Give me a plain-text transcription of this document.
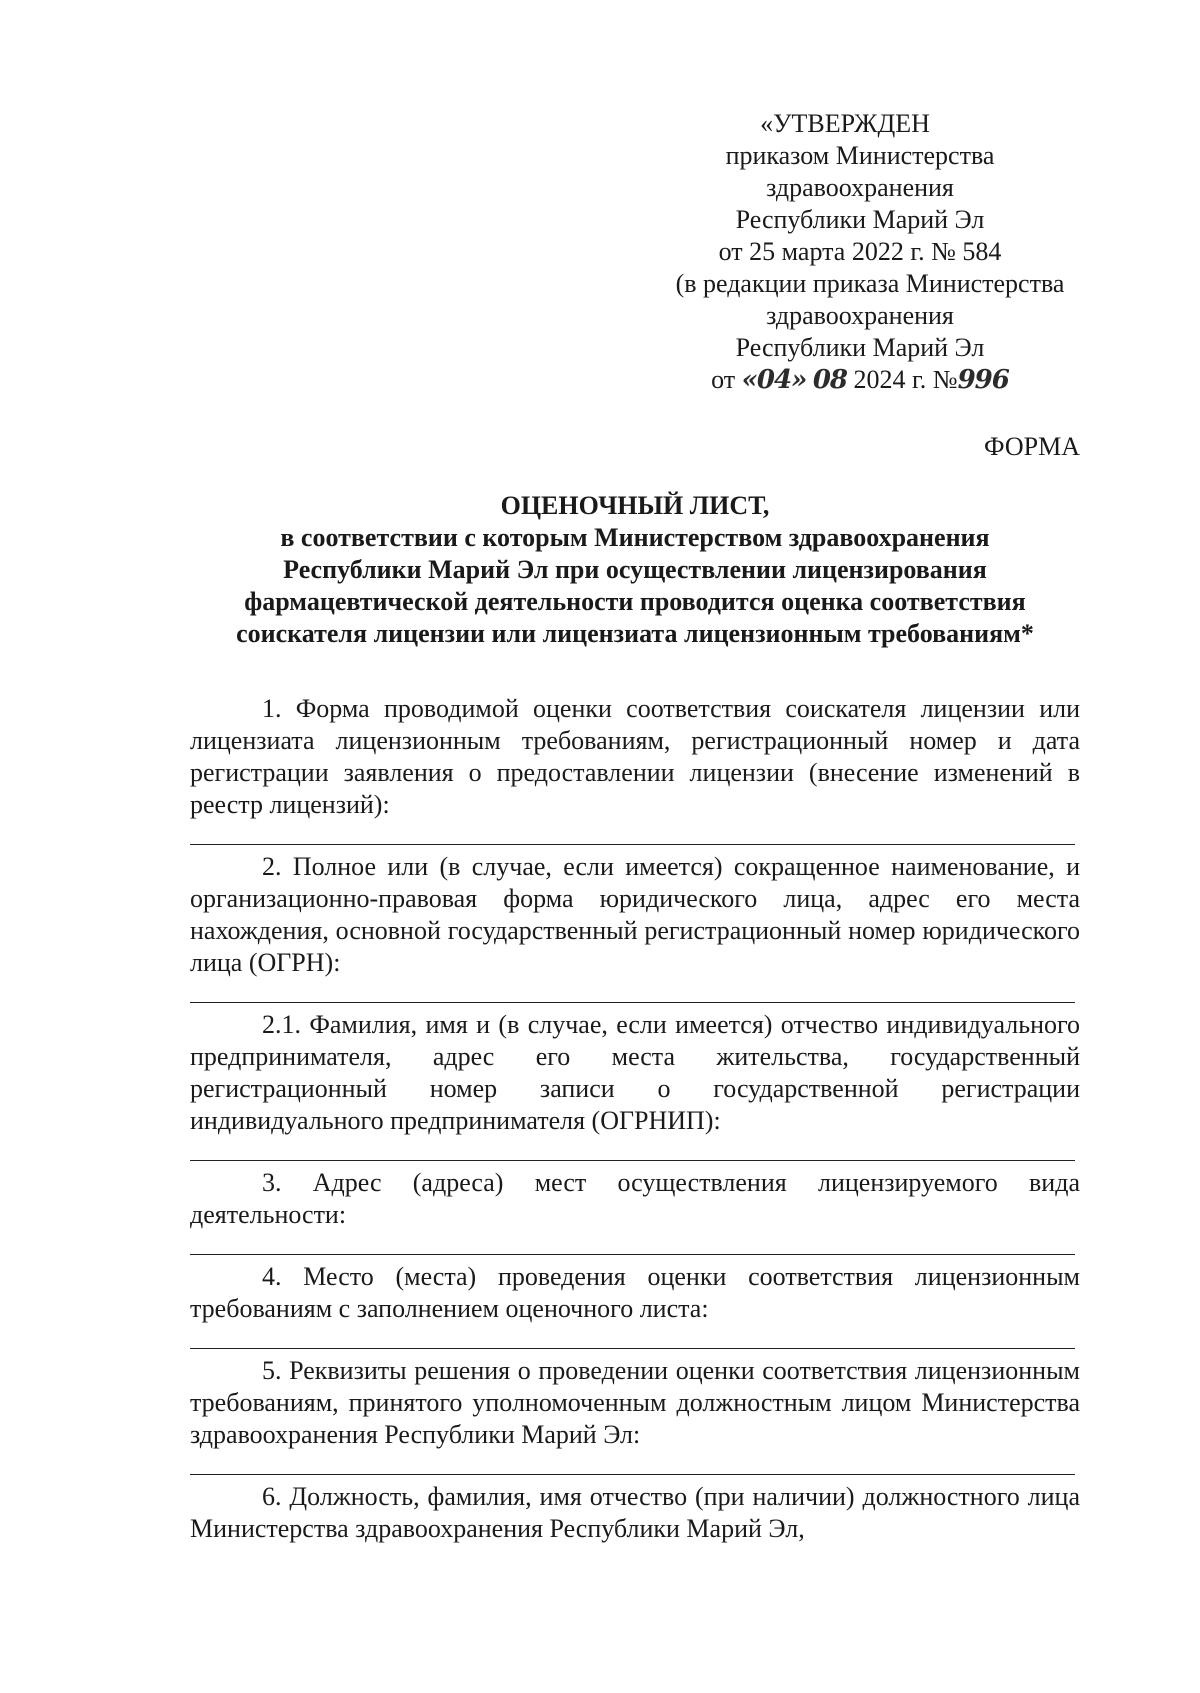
«УТВЕРЖДЕН
приказом Министерства
здравоохранения
Республики Марий Эл
от 25 марта 2022 г. № 584
(в редакции приказа Министерства
здравоохранения
Республики Марий Эл
от «04» 08 2024 г. №996
ФОРМА
ОЦЕНОЧНЫЙ ЛИСТ,
в соответствии с которым Министерством здравоохранения
Республики Марий Эл при осуществлении лицензирования
фармацевтической деятельности проводится оценка соответствия
соискателя лицензии или лицензиата лицензионным требованиям*

1. Форма проводимой оценки соответствия соискателя лицензии или лицензиата лицензионным требованиям, регистрационный номер и дата регистрации заявления о предоставлении лицензии (внесение изменений в реестр лицензий):

2. Полное или (в случае, если имеется) сокращенное наименование, и организационно-правовая форма юридического лица, адрес его места нахождения, основной государственный регистрационный номер юридического лица (ОГРН):

2.1. Фамилия, имя и (в случае, если имеется) отчество индивидуального предпринимателя, адрес его места жительства, государственный регистрационный номер записи о государственной регистрации индивидуального предпринимателя (ОГРНИП):

3. Адрес (адреса) мест осуществления лицензируемого вида деятельности:

4. Место (места) проведения оценки соответствия лицензионным требованиям с заполнением оценочного листа:

5. Реквизиты решения о проведении оценки соответствия лицензионным требованиям, принятого уполномоченным должностным лицом Министерства здравоохранения Республики Марий Эл:

6. Должность, фамилия, имя отчество (при наличии) должностного лица Министерства здравоохранения Республики Марий Эл,
